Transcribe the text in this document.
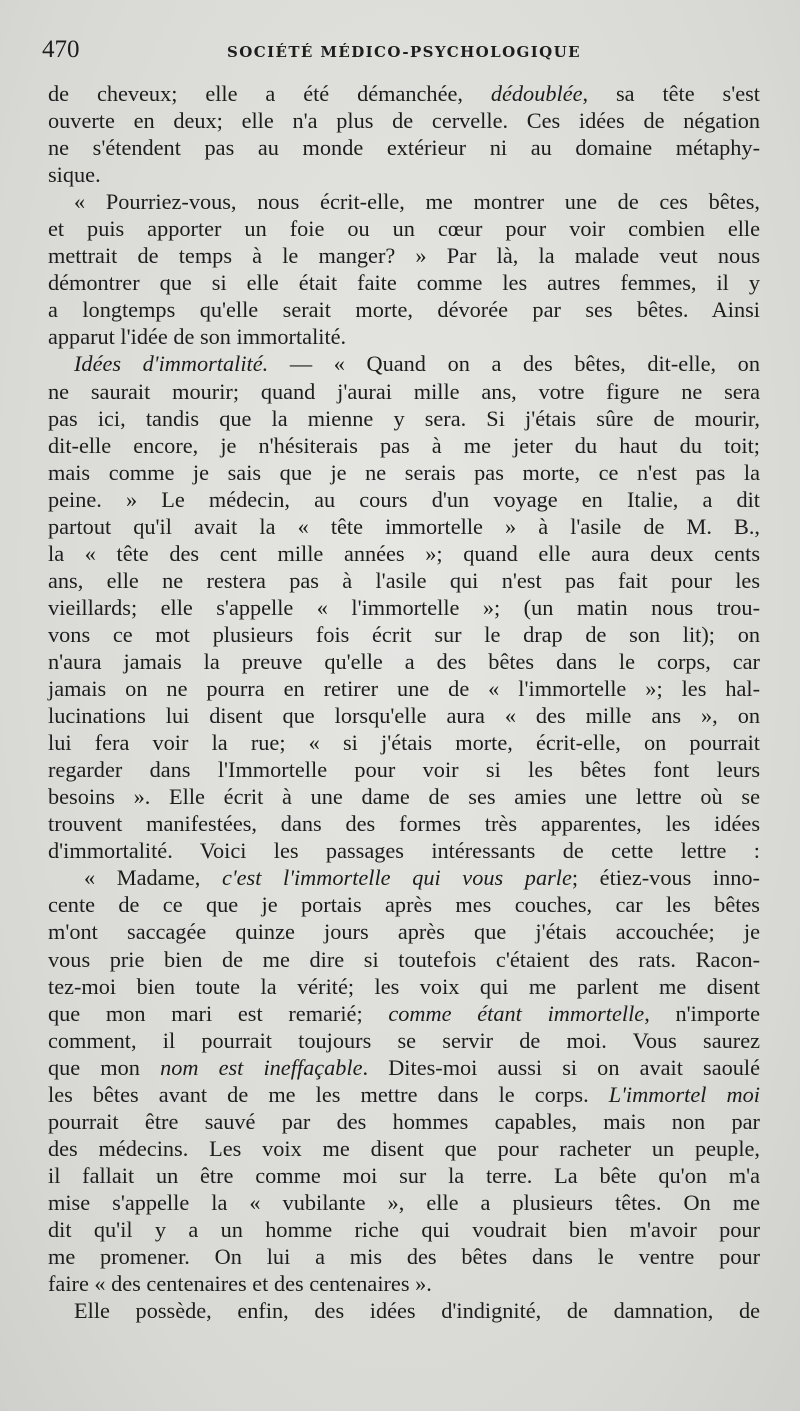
470	SOCIÉTÉ MÉDICO-PSYCHOLOGIQUE
de cheveux; elle a été démanchée, dédoublée, sa tête s'est
ouverte en deux; elle n'a plus de cervelle. Ces idées de négation
ne s'étendent pas au monde extérieur ni au domaine métaphy-
sique.
« Pourriez-vous, nous écrit-elle, me montrer une de ces bêtes,
et puis apporter un foie ou un cœur pour voir combien elle
mettrait de temps à le manger? » Par là, la malade veut nous
démontrer que si elle était faite comme les autres femmes, il y
a longtemps qu'elle serait morte, dévorée par ses bêtes. Ainsi
apparut l'idée de son immortalité.
Idées d'immortalité. — « Quand on a des bêtes, dit-elle, on
ne saurait mourir; quand j'aurai mille ans, votre figure ne sera
pas ici, tandis que la mienne y sera. Si j'étais sûre de mourir,
dit-elle encore, je n'hésiterais pas à me jeter du haut du toit;
mais comme je sais que je ne serais pas morte, ce n'est pas la
peine. » Le médecin, au cours d'un voyage en Italie, a dit
partout qu'il avait la « tête immortelle » à l'asile de M. B.,
la « tête des cent mille années »; quand elle aura deux cents
ans, elle ne restera pas à l'asile qui n'est pas fait pour les
vieillards; elle s'appelle « l'immortelle »; (un matin nous trou-
vons ce mot plusieurs fois écrit sur le drap de son lit); on
n'aura jamais la preuve qu'elle a des bêtes dans le corps, car
jamais on ne pourra en retirer une de « l'immortelle »; les hal-
lucinations lui disent que lorsqu'elle aura « des mille ans », on
lui fera voir la rue; « si j'étais morte, écrit-elle, on pourrait
regarder dans l'Immortelle pour voir si les bêtes font leurs
besoins ». Elle écrit à une dame de ses amies une lettre où se
trouvent manifestées, dans des formes très apparentes, les idées
d'immortalité. Voici les passages intéressants de cette lettre :
« Madame, c'est l'immortelle qui vous parle; étiez-vous inno-
cente de ce que je portais après mes couches, car les bêtes
m'ont saccagée quinze jours après que j'étais accouchée; je
vous prie bien de me dire si toutefois c'étaient des rats. Racon-
tez-moi bien toute la vérité; les voix qui me parlent me disent
que mon mari est remarié; comme étant immortelle, n'importe
comment, il pourrait toujours se servir de moi. Vous saurez
que mon nom est ineffaçable. Dites-moi aussi si on avait saoulé
les bêtes avant de me les mettre dans le corps. L'immortel moi
pourrait être sauvé par des hommes capables, mais non par
des médecins. Les voix me disent que pour racheter un peuple,
il fallait un être comme moi sur la terre. La bête qu'on m'a
mise s'appelle la « vubilante », elle a plusieurs têtes. On me
dit qu'il y a un homme riche qui voudrait bien m'avoir pour
me promener. On lui a mis des bêtes dans le ventre pour
faire « des centenaires et des centenaires ».
Elle possède, enfin, des idées d'indignité, de damnation, de
